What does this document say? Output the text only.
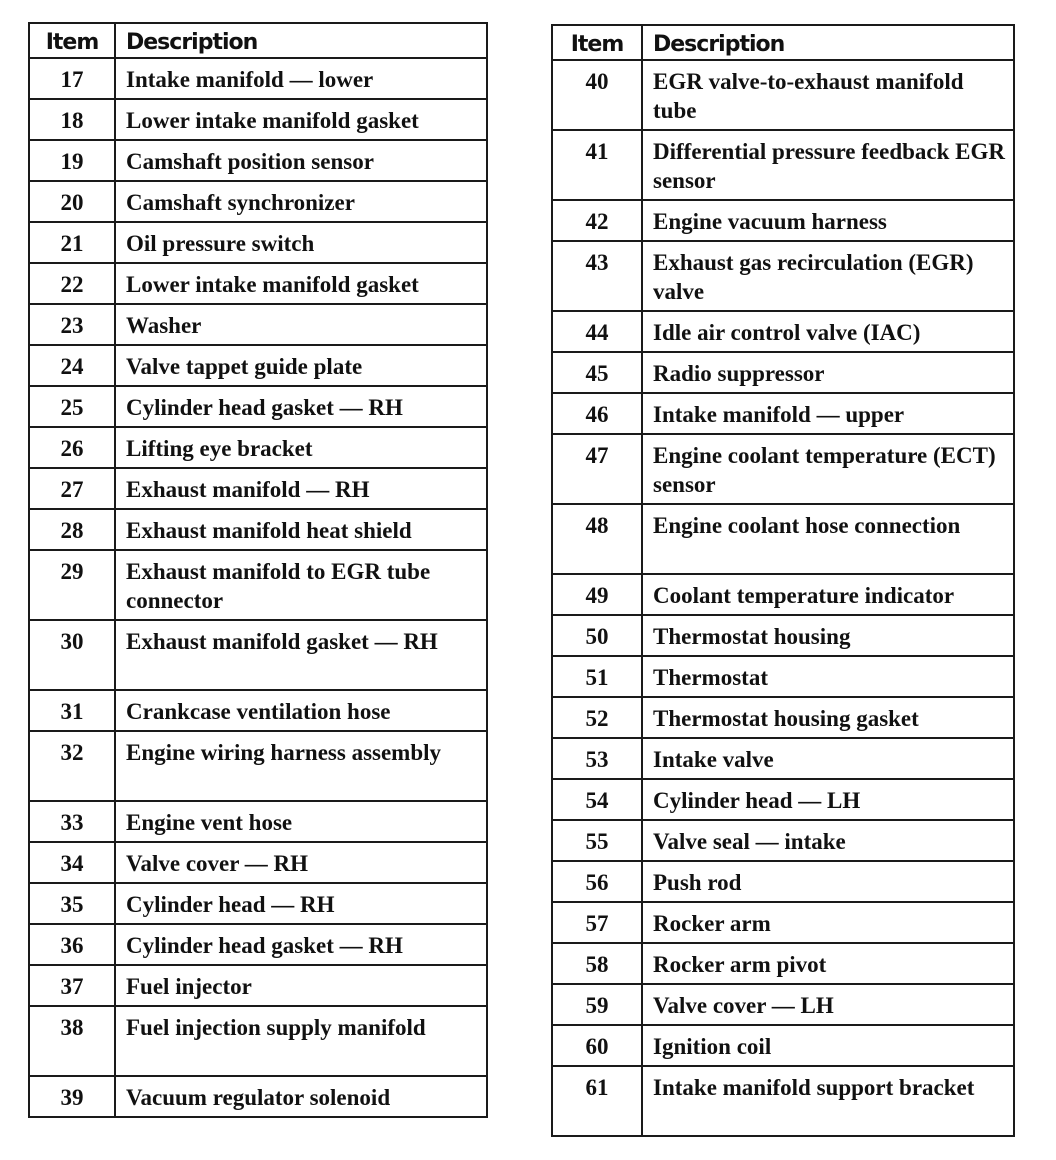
Item	Description
17	Intake manifold — lower
18	Lower intake manifold gasket
19	Camshaft position sensor
20	Camshaft synchronizer
21	Oil pressure switch
22	Lower intake manifold gasket
23	Washer
24	Valve tappet guide plate
25	Cylinder head gasket — RH
26	Lifting eye bracket
27	Exhaust manifold — RH
28	Exhaust manifold heat shield
29	Exhaust manifold to EGR tube connector
30	Exhaust manifold gasket — RH
31	Crankcase ventilation hose
32	Engine wiring harness assembly
33	Engine vent hose
34	Valve cover — RH
35	Cylinder head — RH
36	Cylinder head gasket — RH
37	Fuel injector
38	Fuel injection supply manifold
39	Vacuum regulator solenoid
Item	Description
40	EGR valve-to-exhaust manifold tube
41	Differential pressure feedback EGR sensor
42	Engine vacuum harness
43	Exhaust gas recirculation (EGR) valve
44	Idle air control valve (IAC)
45	Radio suppressor
46	Intake manifold — upper
47	Engine coolant temperature (ECT) sensor
48	Engine coolant hose connection
49	Coolant temperature indicator
50	Thermostat housing
51	Thermostat
52	Thermostat housing gasket
53	Intake valve
54	Cylinder head — LH
55	Valve seal — intake
56	Push rod
57	Rocker arm
58	Rocker arm pivot
59	Valve cover — LH
60	Ignition coil
61	Intake manifold support bracket
